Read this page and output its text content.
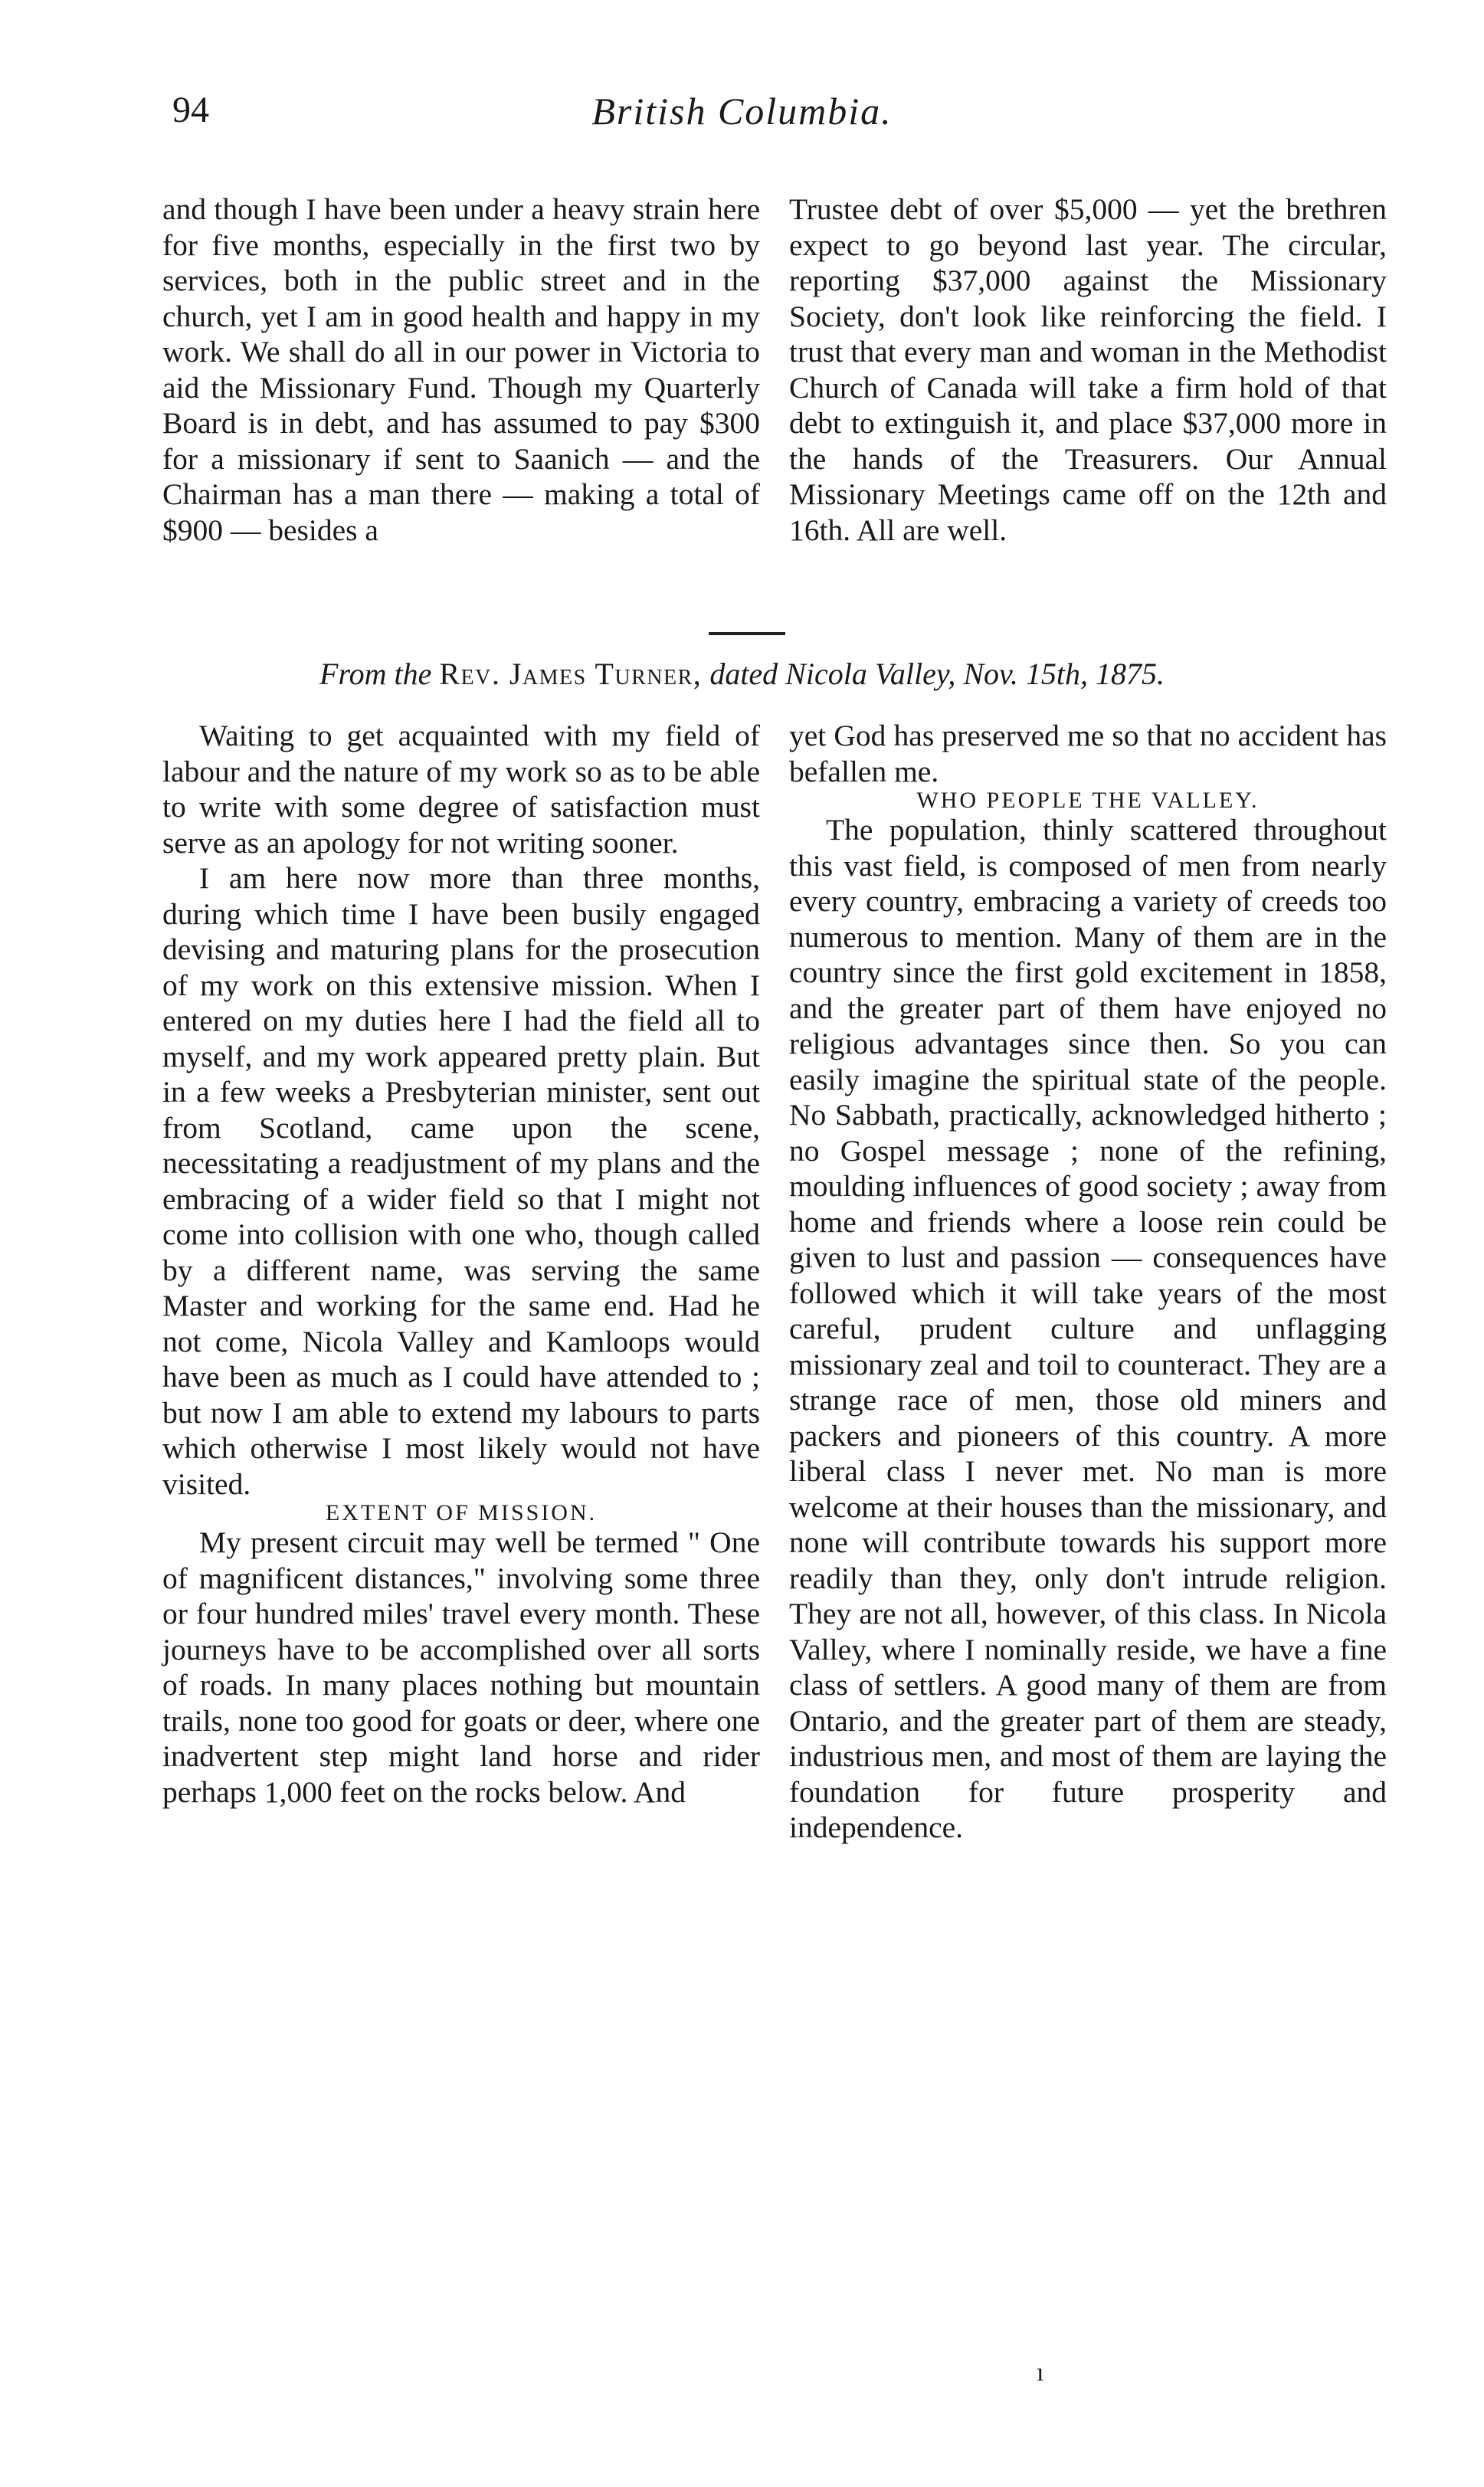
94	British Columbia.

and though I have been under a heavy strain here for five months, especially in the first two by services, both in the public street and in the church, yet I am in good health and happy in my work. We shall do all in our power in Victoria to aid the Missionary Fund. Though my Quarterly Board is in debt, and has assumed to pay $300 for a missionary if sent to Saanich — and the Chairman has a man there — making a total of $900 — besides a

Trustee debt of over $5,000 — yet the brethren expect to go beyond last year. The circular, reporting $37,000 against the Missionary Society, don't look like reinforcing the field. I trust that every man and woman in the Methodist Church of Canada will take a firm hold of that debt to extinguish it, and place $37,000 more in the hands of the Treasurers. Our Annual Missionary Meetings came off on the 12th and 16th. All are well.

From the Rev. James Turner, dated Nicola Valley, Nov. 15th, 1875.

Waiting to get acquainted with my field of labour and the nature of my work so as to be able to write with some degree of satisfaction must serve as an apology for not writing sooner.

I am here now more than three months, during which time I have been busily engaged devising and maturing plans for the prosecution of my work on this extensive mission. When I entered on my duties here I had the field all to myself, and my work appeared pretty plain. But in a few weeks a Presbyterian minister, sent out from Scotland, came upon the scene, necessitating a readjustment of my plans and the embracing of a wider field so that I might not come into collision with one who, though called by a different name, was serving the same Master and working for the same end. Had he not come, Nicola Valley and Kamloops would have been as much as I could have attended to ; but now I am able to extend my labours to parts which otherwise I most likely would not have visited.

EXTENT OF MISSION.

My present circuit may well be termed " One of magnificent distances," involving some three or four hundred miles' travel every month. These journeys have to be accomplished over all sorts of roads. In many places nothing but mountain trails, none too good for goats or deer, where one inadvertent step might land horse and rider perhaps 1,000 feet on the rocks below. And

yet God has preserved me so that no accident has befallen me.

WHO PEOPLE THE VALLEY.

The population, thinly scattered throughout this vast field, is composed of men from nearly every country, embracing a variety of creeds too numerous to mention. Many of them are in the country since the first gold excitement in 1858, and the greater part of them have enjoyed no religious advantages since then. So you can easily imagine the spiritual state of the people. No Sabbath, practically, acknowledged hitherto ; no Gospel message ; none of the refining, moulding influences of good society ; away from home and friends where a loose rein could be given to lust and passion — consequences have followed which it will take years of the most careful, prudent culture and unflagging missionary zeal and toil to counteract. They are a strange race of men, those old miners and packers and pioneers of this country. A more liberal class I never met. No man is more welcome at their houses than the missionary, and none will contribute towards his support more readily than they, only don't intrude religion. They are not all, however, of this class. In Nicola Valley, where I nominally reside, we have a fine class of settlers. A good many of them are from Ontario, and the greater part of them are steady, industrious men, and most of them are laying the foundation for future prosperity and independence.

ı
